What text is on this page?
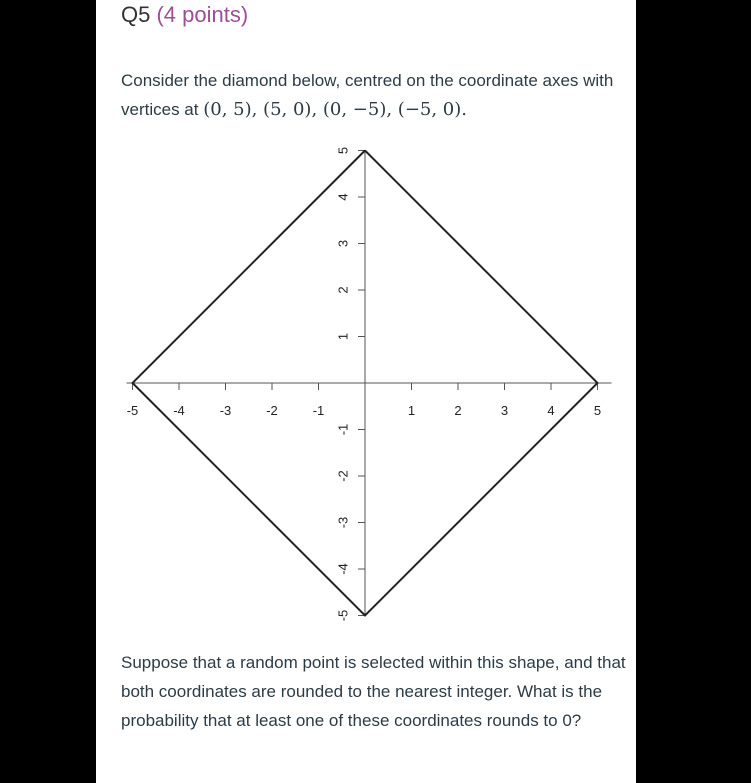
Q5 (4 points)
Consider the diamond below, centred on the coordinate axes with vertices at (0, 5), (5, 0), (0, −5), (−5, 0).
-5	-4	-3	-2	-1	1	2	3	4	5
5
4
3
2
1
-1
-2
-3
-4
-5
Suppose that a random point is selected within this shape, and that both coordinates are rounded to the nearest integer. What is the probability that at least one of these coordinates rounds to 0?
